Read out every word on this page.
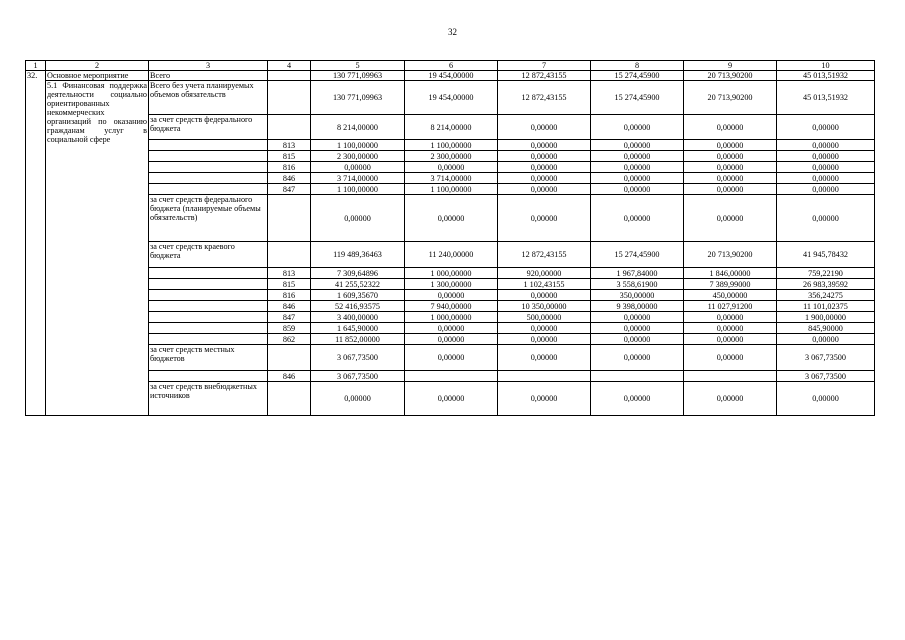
32
1	2	3	4	5	6	7	8	9	10
32.	Основное мероприятие	Всего		130 771,09963	19 454,00000	12 872,43155	15 274,45900	20 713,90200	45 013,51932
	5.1 Финансовая поддержка деятельности социально ориентированных некоммерческих организаций по оказанию гражданам услуг в социальной сфере	Всего без учета планируемых объемов обязательств		130 771,09963	19 454,00000	12 872,43155	15 274,45900	20 713,90200	45 013,51932
		за счет средств федерального бюджета		8 214,00000	8 214,00000	0,00000	0,00000	0,00000	0,00000
			813	1 100,00000	1 100,00000	0,00000	0,00000	0,00000	0,00000
			815	2 300,00000	2 300,00000	0,00000	0,00000	0,00000	0,00000
			816	0,00000	0,00000	0,00000	0,00000	0,00000	0,00000
			846	3 714,00000	3 714,00000	0,00000	0,00000	0,00000	0,00000
			847	1 100,00000	1 100,00000	0,00000	0,00000	0,00000	0,00000
		за счет средств федерального бюджета (планируемые объемы обязательств)		0,00000	0,00000	0,00000	0,00000	0,00000	0,00000
		за счет средств краевого бюджета		119 489,36463	11 240,00000	12 872,43155	15 274,45900	20 713,90200	41 945,78432
			813	7 309,64896	1 000,00000	920,00000	1 967,84000	1 846,00000	759,22190
			815	41 255,52322	1 300,00000	1 102,43155	3 558,61900	7 389,99000	26 983,39592
			816	1 609,35670	0,00000	0,00000	350,00000	450,00000	356,24275
			846	52 416,93575	7 940,00000	10 350,00000	9 398,00000	11 027,91200	11 101,02375
			847	3 400,00000	1 000,00000	500,00000	0,00000	0,00000	1 900,00000
			859	1 645,90000	0,00000	0,00000	0,00000	0,00000	845,90000
			862	11 852,00000	0,00000	0,00000	0,00000	0,00000	0,00000
		за счет средств местных бюджетов		3 067,73500	0,00000	0,00000	0,00000	0,00000	3 067,73500
			846	3 067,73500					3 067,73500
		за счет средств внебюджетных источников		0,00000	0,00000	0,00000	0,00000	0,00000	0,00000
